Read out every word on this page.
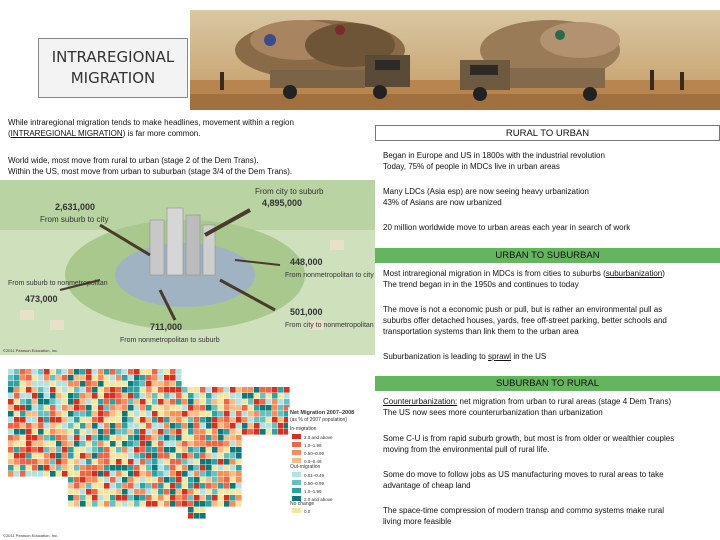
INTRAREGIONAL
MIGRATION
While intraregional migration tends to make headlines, movement within a region
(INTRAREGIONAL MIGRATION) is far more common.
World wide, most move from rural to urban (stage 2 of the Dem Trans).
Within the US, most move from urban to suburban (stage 3/4 of the Dem Trans).
2,631,000
From suburb to city
From city to suburb
4,895,000
448,000
From nonmetropolitan to city
From suburb to nonmetropolitan
473,000
501,000
From city to nonmetropolitan
711,000
From nonmetropolitan to suburb
©2011 Pearson Education, Inc.
Net Migration 2007–2008
(as % of 2007 population)
In-migration
2.0 and above
1.0–1.99
0.50–0.99
0.0–0.49
Out-migration
0.01–0.49
0.50–0.99
1.0–1.99
2.0 and above
No change
0.0
©2011 Pearson Education, Inc.
RURAL TO URBAN
Began in Europe and US in 1800s with the industrial revolution
Today, 75% of people in MDCs live in urban areas
Many LDCs (Asia esp) are now seeing heavy urbanization
43% of Asians are now urbanized
20 million worldwide move to urban areas each year in search of work
URBAN TO SUBURBAN
Most intraregional migration in MDCs is from cities to suburbs (suburbanization)
The trend began in in the 1950s and continues to today
The move is not a economic push or pull, but is rather an environmental pull as
suburbs offer detached houses, yards, free off-street parking, better schools and
transportation systems than link them to the urban area
Suburbanization is leading to sprawl in the US
SUBURBAN TO RURAL
Counterurbanization: net migration from urban to rural areas (stage 4 Dem Trans)
The US now sees more counterurbanization than urbanization
Some C-U is from rapid suburb growth, but most is from older or wealthier couples
moving from the environmental pull of rural life.
Some do move to follow jobs as US manufacturing moves to rural areas to take
advantage of cheap land
The space-time compression of modern transp and commo systems make rural
living more feasible
